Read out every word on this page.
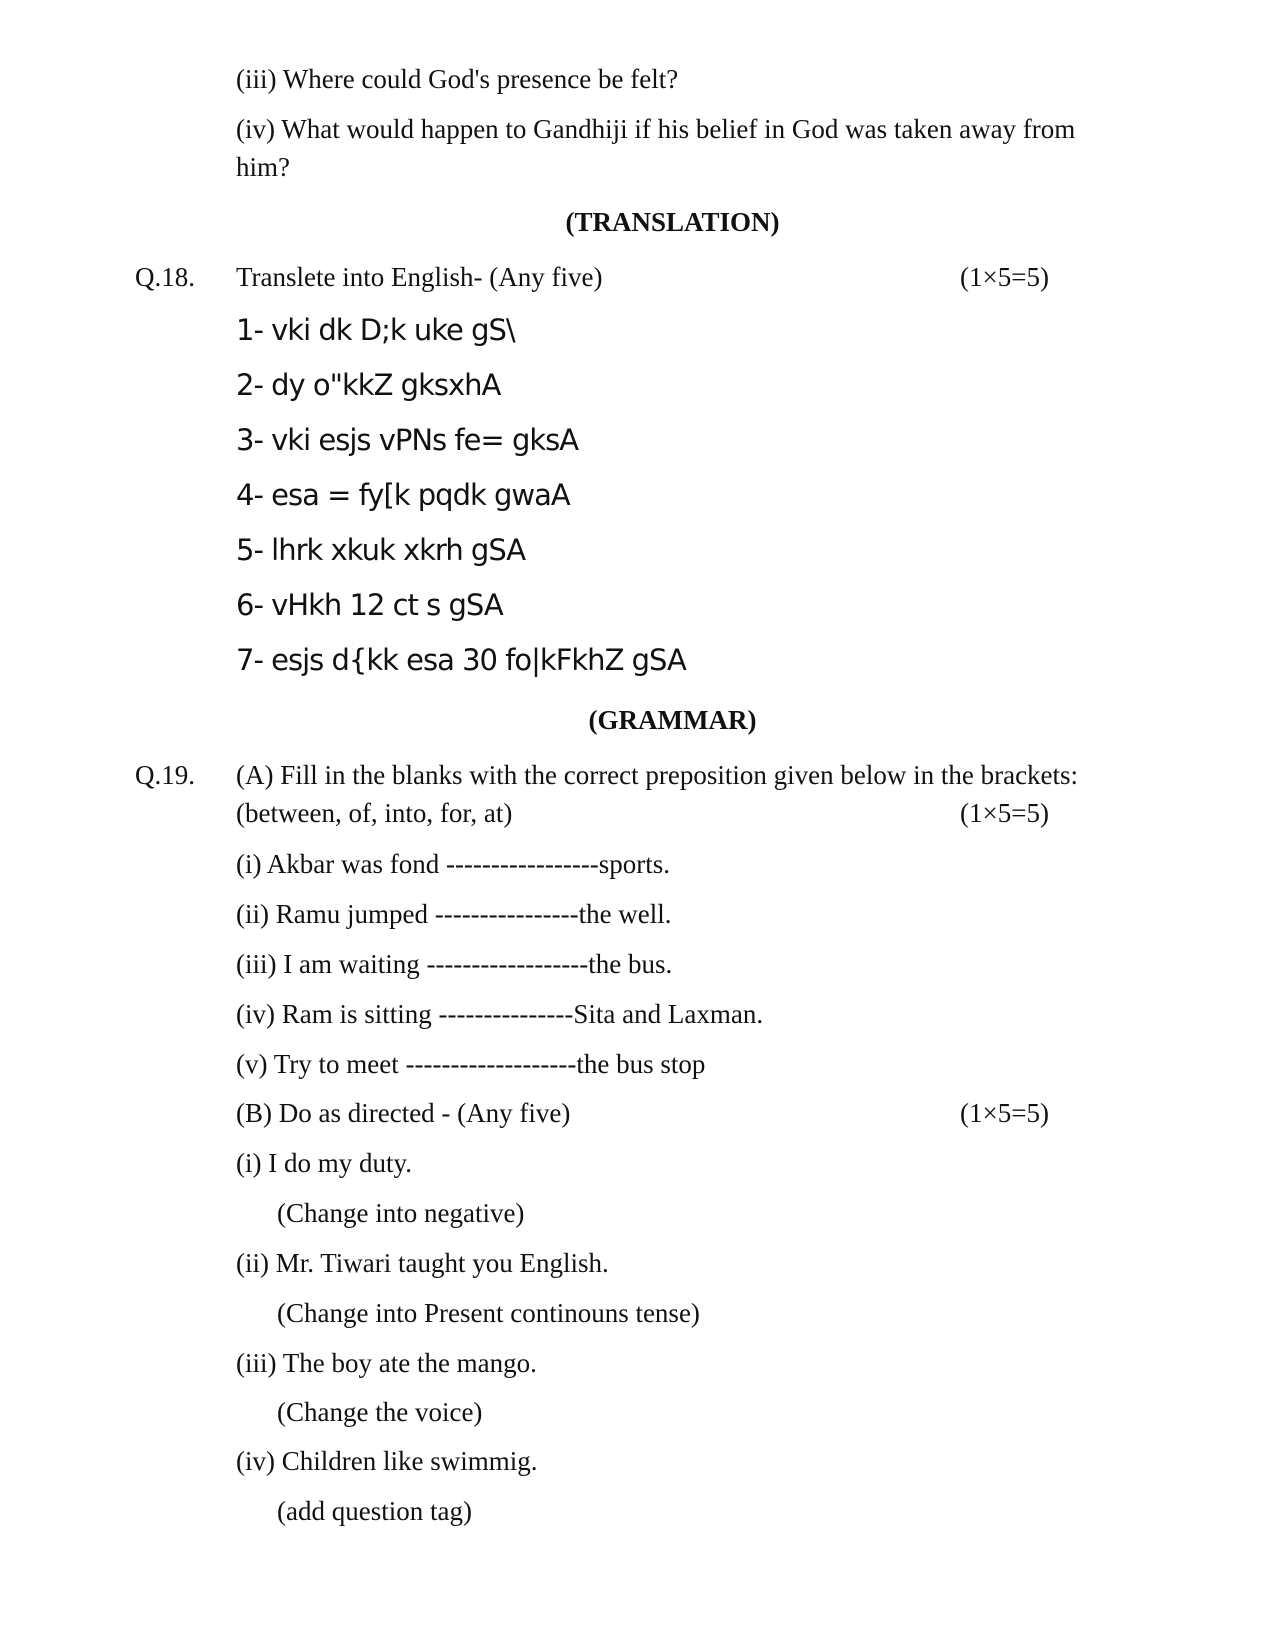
(iii) Where could God's presence be felt?
(iv) What would happen to Gandhiji if his belief in God was taken away from
him?
(TRANSLATION)
Q.18. Translete into English- (Any five)	(1×5=5)
1- vki dk D;k uke gS\
2- dy o"kkZ gksxhA
3- vki esjs vPNs fe= gksA
4- esa = fy[k pqdk gwaA
5- lhrk xkuk xkrh gSA
6- vHkh 12 ct s gSA
7- esjs d{kk esa 30 fo|kFkhZ gSA
(GRAMMAR)
Q.19. (A) Fill in the blanks with the correct preposition given below in the brackets:
(between, of, into, for, at)	(1×5=5)
(i) Akbar was fond -----------------sports.
(ii) Ramu jumped ----------------the well.
(iii) I am waiting ------------------the bus.
(iv) Ram is sitting ---------------Sita and Laxman.
(v) Try to meet -------------------the bus stop
(B) Do as directed - (Any five)	(1×5=5)
(i) I do my duty.
(Change into negative)
(ii) Mr. Tiwari taught you English.
(Change into Present continouns tense)
(iii) The boy ate the mango.
(Change the voice)
(iv) Children like swimmig.
(add question tag)
